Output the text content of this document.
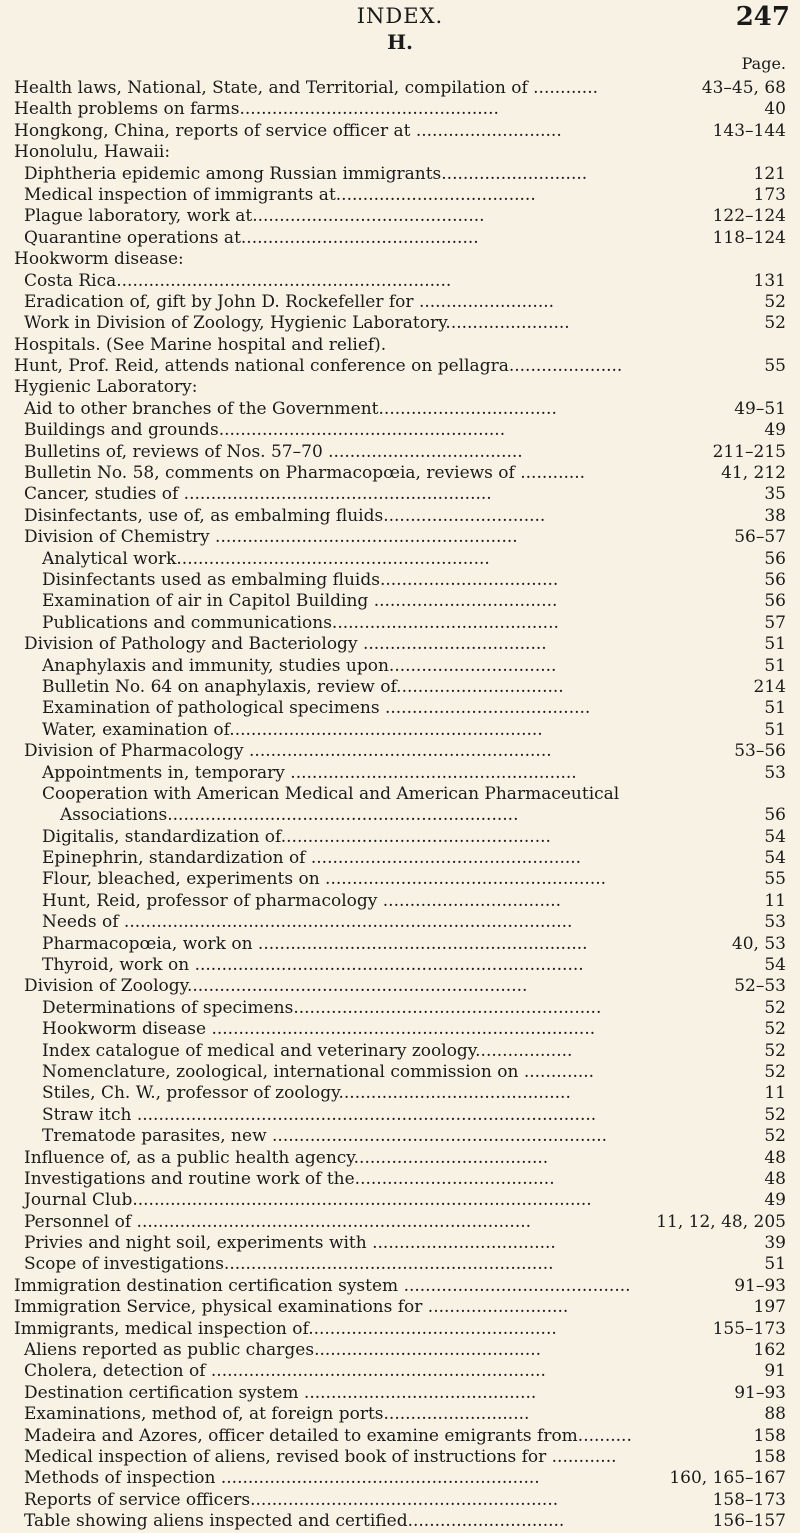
INDEX.	247
H.
Page.
Health laws, National, State, and Territorial, compilation of ............	43–45, 68
Health problems on farms................................................	40
Hongkong, China, reports of service officer at ...........................	143–144
Honolulu, Hawaii:
Diphtheria epidemic among Russian immigrants...........................	121
Medical inspection of immigrants at.....................................	173
Plague laboratory, work at...........................................	122–124
Quarantine operations at............................................	118–124
Hookworm disease:
Costa Rica..............................................................	131
Eradication of, gift by John D. Rockefeller for .........................	52
Work in Division of Zoology, Hygienic Laboratory.......................	52
Hospitals. (See Marine hospital and relief).
Hunt, Prof. Reid, attends national conference on pellagra.....................	55
Hygienic Laboratory:
Aid to other branches of the Government.................................	49–51
Buildings and grounds.....................................................	49
Bulletins of, reviews of Nos. 57–70 ....................................	211–215
Bulletin No. 58, comments on Pharmacopœia, reviews of ............	41, 212
Cancer, studies of .........................................................	35
Disinfectants, use of, as embalming fluids..............................	38
Division of Chemistry ........................................................	56–57
Analytical work..........................................................	56
Disinfectants used as embalming fluids.................................	56
Examination of air in Capitol Building ..................................	56
Publications and communications..........................................	57
Division of Pathology and Bacteriology ..................................	51
Anaphylaxis and immunity, studies upon...............................	51
Bulletin No. 64 on anaphylaxis, review of...............................	214
Examination of pathological specimens ......................................	51
Water, examination of..........................................................	51
Division of Pharmacology ........................................................	53–56
Appointments in, temporary .....................................................	53
Cooperation with American Medical and American Pharmaceutical
Associations.................................................................	56
Digitalis, standardization of..................................................	54
Epinephrin, standardization of ..................................................	54
Flour, bleached, experiments on ....................................................	55
Hunt, Reid, professor of pharmacology .................................	11
Needs of ...................................................................................	53
Pharmacopœia, work on .............................................................	40, 53
Thyroid, work on ........................................................................	54
Division of Zoology...............................................................	52–53
Determinations of specimens.........................................................	52
Hookworm disease .......................................................................	52
Index catalogue of medical and veterinary zoology..................	52
Nomenclature, zoological, international commission on .............	52
Stiles, Ch. W., professor of zoology...........................................	11
Straw itch .....................................................................................	52
Trematode parasites, new ..............................................................	52
Influence of, as a public health agency....................................	48
Investigations and routine work of the.....................................	48
Journal Club.....................................................................................	49
Personnel of .........................................................................	11, 12, 48, 205
Privies and night soil, experiments with ..................................	39
Scope of investigations.............................................................	51
Immigration destination certification system ..........................................	91–93
Immigration Service, physical examinations for ..........................	197
Immigrants, medical inspection of..............................................	155–173
Aliens reported as public charges..........................................	162
Cholera, detection of ..............................................................	91
Destination certification system ...........................................	91–93
Examinations, method of, at foreign ports...........................	88
Madeira and Azores, officer detailed to examine emigrants from..........	158
Medical inspection of aliens, revised book of instructions for ............	158
Methods of inspection ...........................................................	160, 165–167
Reports of service officers.........................................................	158–173
Table showing aliens inspected and certified.............................	156–157
